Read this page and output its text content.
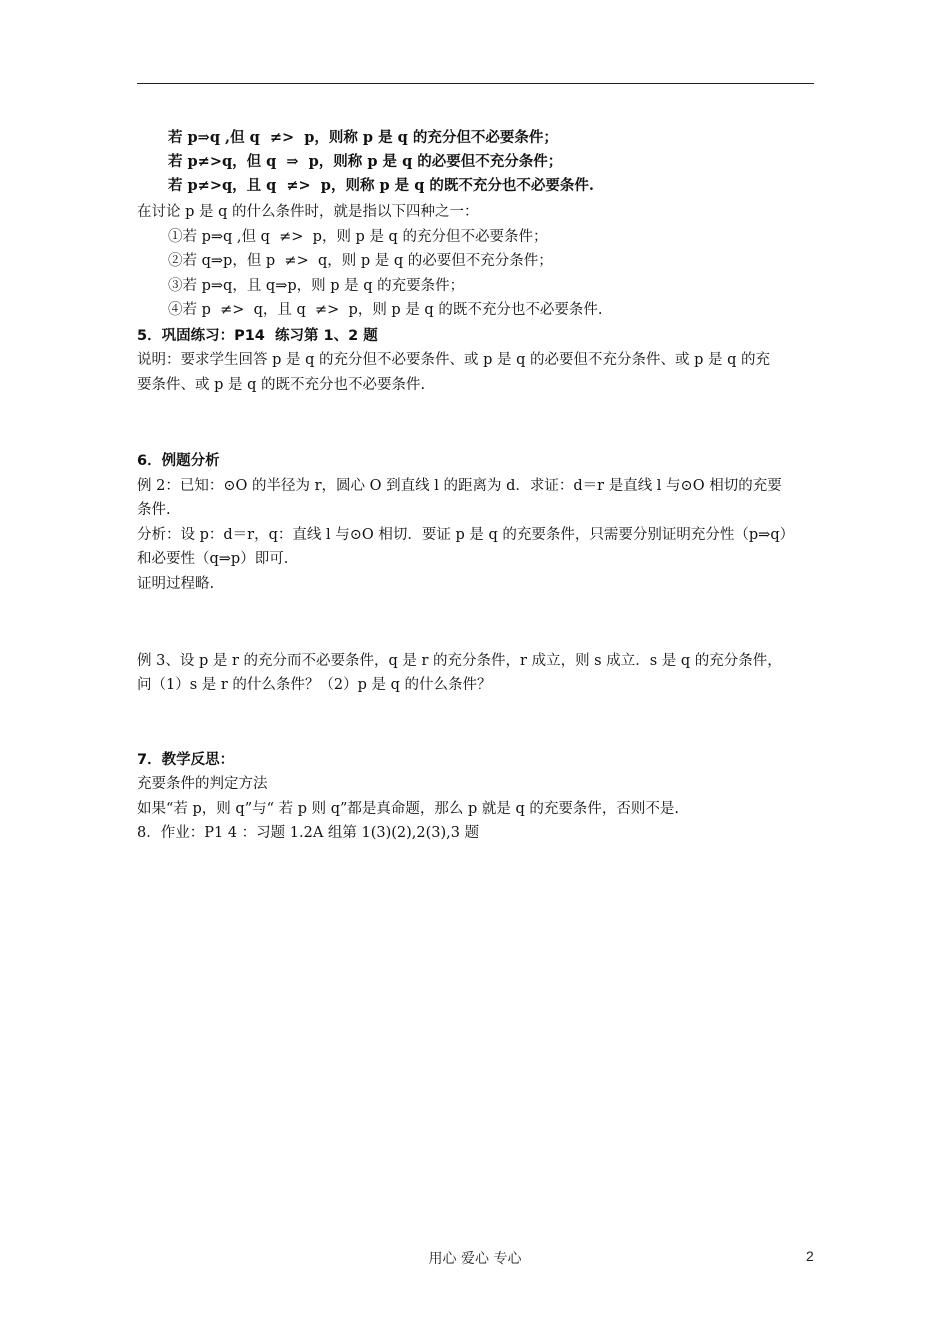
若 p⇒q ,但 q  ≠>  p，则称 p 是 q 的充分但不必要条件；
若 p≠>q，但 q  ⇒  p，则称 p 是 q 的必要但不充分条件；
若 p≠>q，且 q  ≠>  p，则称 p 是 q 的既不充分也不必要条件.
在讨论 p 是 q 的什么条件时，就是指以下四种之一：
①若 p⇒q ,但 q  ≠>  p，则 p 是 q 的充分但不必要条件；
②若 q⇒p，但 p  ≠>  q，则 p 是 q 的必要但不充分条件；
③若 p⇒q，且 q⇒p，则 p 是 q 的充要条件；
④若 p  ≠>  q，且 q  ≠>  p，则 p 是 q 的既不充分也不必要条件.
5．巩固练习：P14  练习第 1、2 题
说明：要求学生回答 p 是 q 的充分但不必要条件、或 p 是 q 的必要但不充分条件、或 p 是 q 的充
要条件、或 p 是 q 的既不充分也不必要条件.
6．例题分析
例 2：已知：⊙O 的半径为 r，圆心 O 到直线 l 的距离为 d．求证：d＝r 是直线 l 与⊙O 相切的充要
条件.
分析：设 p：d＝r，q：直线 l 与⊙O 相切．要证 p 是 q 的充要条件，只需要分别证明充分性（p⇒q）
和必要性（q⇒p）即可.
证明过程略.
例 3、设 p 是 r 的充分而不必要条件，q 是 r 的充分条件，r 成立，则 s 成立．s 是 q 的充分条件，
问（1）s 是 r 的什么条件？（2）p 是 q 的什么条件？
7．教学反思：
充要条件的判定方法
如果“若 p，则 q”与“ 若 p 则 q”都是真命题，那么 p 就是 q 的充要条件，否则不是.
8．作业：P1 4 ：习题 1.2A 组第 1(3)(2),2(3),3 题
用心 爱心 专心	2
